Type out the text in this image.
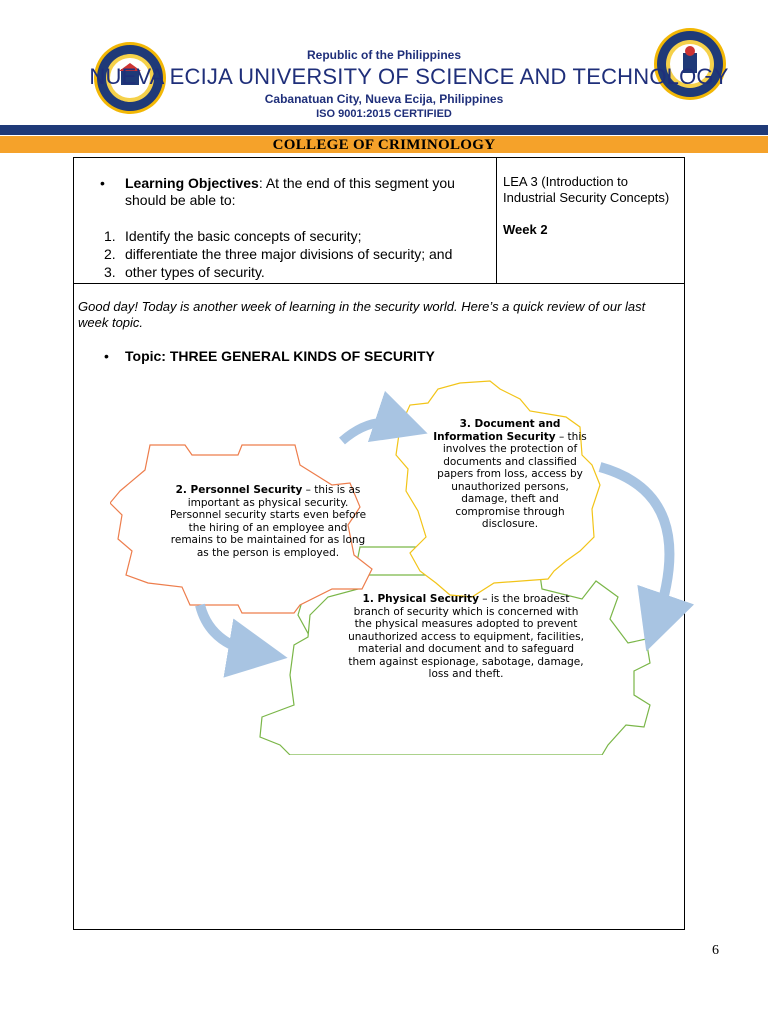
Republic of the Philippines
NUEVA ECIJA UNIVERSITY OF SCIENCE AND TECHNOLOGY
Cabanatuan City, Nueva Ecija, Philippines
ISO 9001:2015 CERTIFIED
COLLEGE OF CRIMINOLOGY
• Learning Objectives: At the end of this segment you should be able to:
1. Identify the basic concepts of security;
2. differentiate the three major divisions of security; and
3. other types of security.
LEA 3 (Introduction to Industrial Security Concepts)
Week 2
Good day! Today is another week of learning in the security world. Here’s a quick review of our last week topic.
• Topic: THREE GENERAL KINDS OF SECURITY
2. Personnel Security – this is as important as physical security. Personnel security starts even before the hiring of an employee and remains to be maintained for as long as the person is employed.
3. Document and Information Security – this involves the protection of documents and classified papers from loss, access by unauthorized persons, damage, theft and compromise through disclosure.
1. Physical Security – is the broadest branch of security which is concerned with the physical measures adopted to prevent unauthorized access to equipment, facilities, material and document and to safeguard them against espionage, sabotage, damage, loss and theft.
6
